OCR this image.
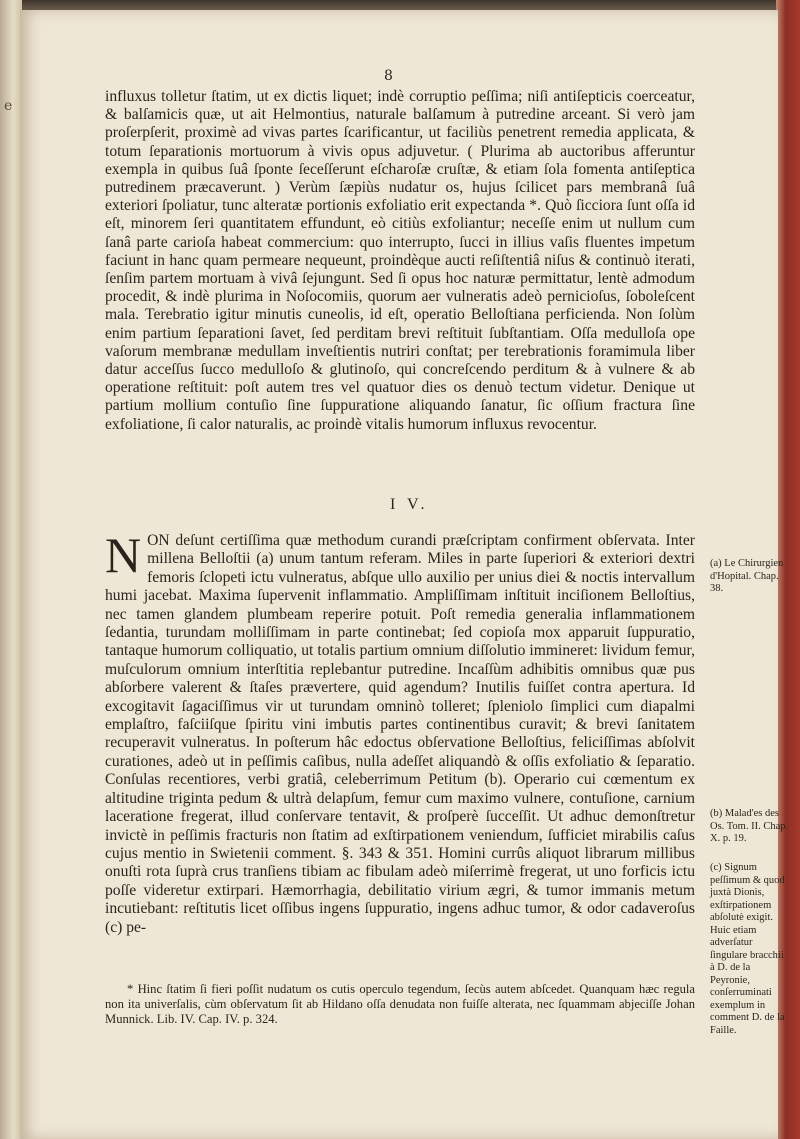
e
8

influxus tolletur ſtatim, ut ex dictis liquet; indè corruptio peſſima; niſi antiſepticis coerceatur, & balſamicis quæ, ut ait Helmontius, naturale balſamum à putredine arceant. Si verò jam proſerpſerit, proximè ad vivas partes ſcarificantur, ut faciliùs penetrent remedia applicata, & totum ſeparationis mortuorum à vivis opus adjuvetur. ( Plurima ab auctoribus afferuntur exempla in quibus ſuâ ſponte ſeceſſerunt eſcharoſæ cruſtæ, & etiam ſola fomenta antiſeptica putredinem præcaverunt. ) Verùm ſæpiùs nudatur os, hujus ſcilicet pars membranâ ſuâ exteriori ſpoliatur, tunc alteratæ portionis exfoliatio erit expectanda *. Quò ſicciora ſunt oſſa id eſt, minorem ſeri quantitatem effundunt, eò citiùs exfoliantur; neceſſe enim ut nullum cum ſanâ parte carioſa habeat commercium: quo interrupto, ſucci in illius vaſis fluentes impetum faciunt in hanc quam permeare nequeunt, proindèque aucti reſiſtentiâ niſus & continuò iterati, ſenſim partem mortuam à vivâ ſejungunt. Sed ſi opus hoc naturæ permittatur, lentè admodum procedit, & indè plurima in Noſocomiis, quorum aer vulneratis adeò pernicioſus, ſoboleſcent mala. Terebratio igitur minutis cuneolis, id eſt, operatio Belloſtiana perficienda. Non ſolùm enim partium ſeparationi ſavet, ſed perditam brevi reſtituit ſubſtantiam. Oſſa medulloſa ope vaſorum membranæ medullam inveſtientis nutriri conſtat; per terebrationis foramimula liber datur acceſſus ſucco medulloſo & glutinoſo, qui concreſcendo perditum & à vulnere & ab operatione reſtituit: poſt autem tres vel quatuor dies os denuò tectum videtur. Denique ut partium mollium contuſio ſine ſuppuratione aliquando ſanatur, ſic oſſium fractura ſine exfoliatione, ſi calor naturalis, ac proindè vitalis humorum influxus revocentur.

I V.
N ON deſunt certiſſima quæ methodum curandi præſcriptam confirment obſervata. Inter millena Belloſtii (a) unum tantum referam. Miles in parte ſuperiori & exteriori dextri femoris ſclopeti ictu vulneratus, abſque ullo auxilio per unius diei & noctis intervallum humi jacebat. Maxima ſupervenit inflammatio. Ampliſſimam inſtituit inciſionem Belloſtius, nec tamen glandem plumbeam reperire potuit. Poſt remedia generalia inflammationem ſedantia, turundam molliſſimam in parte continebat; ſed copioſa mox apparuit ſuppuratio, tantaque humorum colliquatio, ut totalis partium omnium diſſolutio immineret: lividum femur, muſculorum omnium interſtitia replebantur putredine. Incaſſùm adhibitis omnibus quæ pus abſorbere valerent & ſtaſes prævertere, quid agendum? Inutilis fuiſſet contra apertura. Id excogitavit ſagaciſſimus vir ut turundam omninò tolleret; ſpleniolo ſimplici cum diapalmi emplaſtro, faſciiſque ſpiritu vini imbutis partes continentibus curavit; & brevi ſanitatem recuperavit vulneratus. In poſterum hâc edoctus obſervatione Belloſtius, feliciſſimas abſolvit curationes, adeò ut in peſſimis caſibus, nulla adeſſet aliquandò & oſſis exfoliatio & ſeparatio. Conſulas recentiores, verbi gratiâ, celeberrimum Petitum (b). Operario cui cœmentum ex altitudine triginta pedum & ultrà delapſum, femur cum maximo vulnere, contuſione, carnium laceratione fregerat, illud conſervare tentavit, & proſperè ſucceſſit. Ut adhuc demonſtretur invictè in peſſimis fracturis non ſtatim ad exſtirpationem veniendum, ſufficiet mirabilis caſus cujus mentio in Swietenii comment. §. 343 & 351. Homini currûs aliquot librarum millibus onuſti rota ſuprà crus tranſiens tibiam ac fibulam adeò miſerrimè fregerat, ut uno forficis ictu poſſe videretur extirpari. Hæmorrhagia, debilitatio virium ægri, & tumor immanis metum incutiebant: reſtitutis licet oſſibus ingens ſuppuratio, ingens adhuc tumor, & odor cadaveroſus (c) pe-
* Hinc ſtatim ſi fieri poſſit nudatum os cutis operculo tegendum, ſecùs autem abſcedet. Quanquam hæc regula non ita univerſalis, cùm obſervatum ſit ab Hildano oſſa denudata non fuiſſe alterata, nec ſquammam abjeciſſe Johan Munnick. Lib. IV. Cap. IV. p. 324.

(a) Le Chirurgien d'Hopital. Chap. 38.

(b) Malad'es des Os. Tom. II. Chap. X. p. 19.

(c) Signum peſſimum & quod juxtà Dionis, exſtirpationem abſolutè exigit. Huic etiam adverſatur ſingulare bracchii à D. de la Peyronie, conſerruminati exemplum in comment D. de la Faille.
